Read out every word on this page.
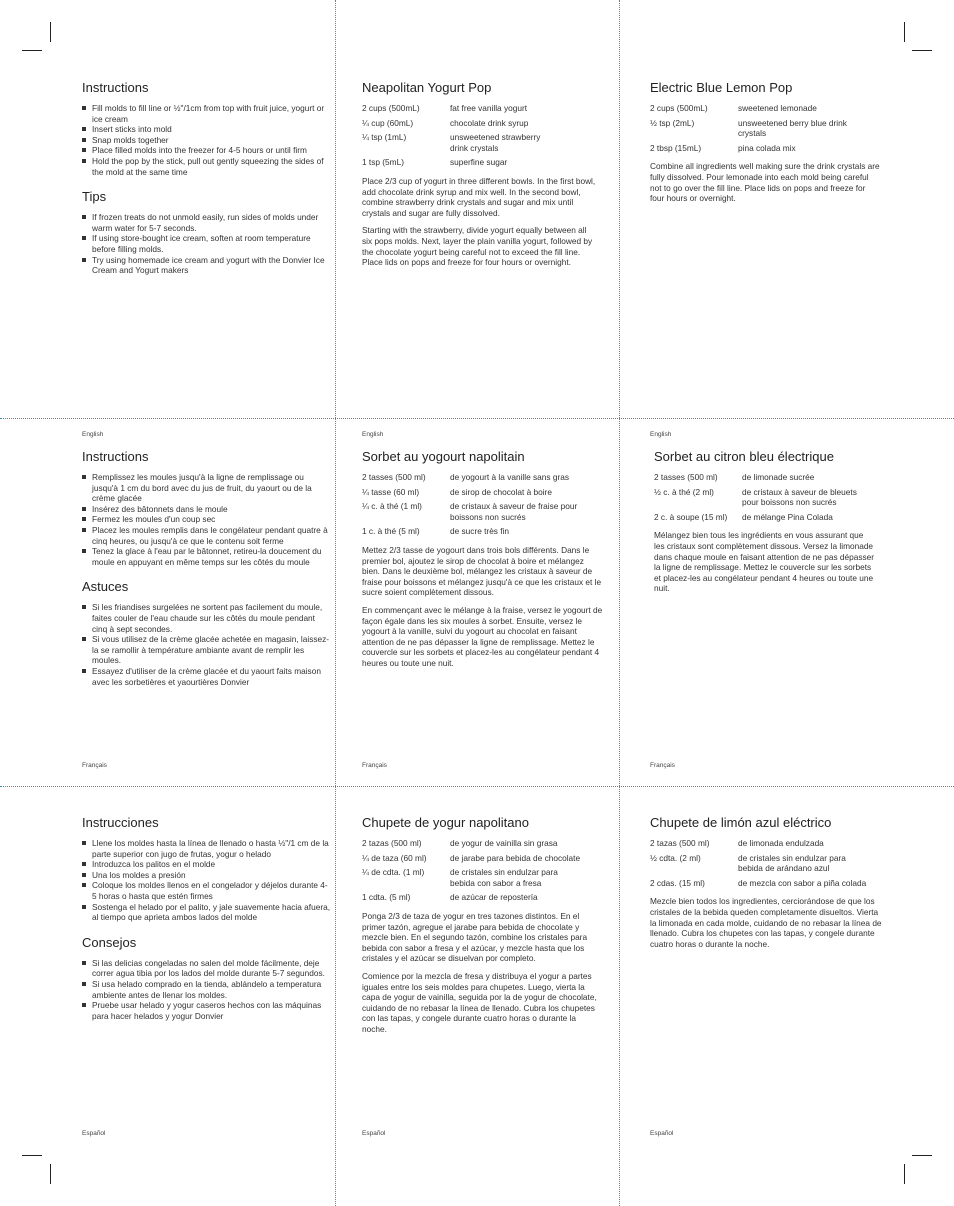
Instructions
Fill molds to fill line or ½"/1cm from top with fruit juice, yogurt or ice cream
Insert sticks into mold
Snap molds together
Place filled molds into the freezer for 4-5 hours or until firm
Hold the pop by the stick, pull out gently squeezing the sides of the mold at the same time
Tips
If frozen treats do not unmold easily, run sides of molds under warm water for 5-7 seconds.
If using store-bought ice cream, soften at room temperature before filling molds.
Try using homemade ice cream and yogurt with the Donvier Ice Cream and Yogurt makers
English
Neapolitan Yogurt Pop
2 cups (500mL)	fat free vanilla yogurt
¼ cup (60mL)	chocolate drink syrup
¼ tsp (1mL)	unsweetened strawberry drink crystals
1 tsp (5mL)	superfine sugar

Place 2/3 cup of yogurt in three different bowls. In the first bowl, add chocolate drink syrup and mix well. In the second bowl, combine strawberry drink crystals and sugar and mix until crystals and sugar are fully dissolved.

Starting with the strawberry, divide yogurt equally between all six pops molds. Next, layer the plain vanilla yogurt, followed by the chocolate yogurt being careful not to exceed the fill line. Place lids on pops and freeze for four hours or overnight.

English
Electric Blue Lemon Pop
2 cups (500mL)	sweetened lemonade
½ tsp (2mL)	unsweetened berry blue drink crystals
2 tbsp (15mL)	pina colada mix

Combine all ingredients well making sure the drink crystals are fully dissolved. Pour lemonade into each mold being careful not to go over the fill line. Place lids on pops and freeze for four hours or overnight.

English
Instructions
Remplissez les moules jusqu'à la ligne de remplissage ou jusqu'à 1 cm du bord avec du jus de fruit, du yaourt ou de la crème glacée
Insérez des bâtonnets dans le moule
Fermez les moules d'un coup sec
Placez les moules remplis dans le congélateur pendant quatre à cinq heures, ou jusqu'à ce que le contenu soit ferme
Tenez la glace à l'eau par le bâtonnet, retireu-la doucement du moule en appuyant en même temps sur les côtés du moule
Astuces
Si les friandises surgelées ne sortent pas facilement du moule, faites couler de l'eau chaude sur les côtés du moule pendant cinq à sept secondes.
Si vous utilisez de la crème glacée achetée en magasin, laissez-la se ramollir à température ambiante avant de remplir les moules.
Essayez d'utiliser de la crème glacée et du yaourt faits maison avec les sorbetières et yaourtières Donvier
Français
Sorbet au yogourt napolitain
2 tasses (500 ml)	de yogourt à la vanille sans gras
¼ tasse (60 ml)	de sirop de chocolat à boire
¼ c. à thé (1 ml)	de cristaux à saveur de fraise pour boissons non sucrés
1 c. à thé (5 ml)	de sucre très fin

Mettez 2/3 tasse de yogourt dans trois bols différents. Dans le premier bol, ajoutez le sirop de chocolat à boire et mélangez bien. Dans le deuxième bol, mélangez les cristaux à saveur de fraise pour boissons et mélangez jusqu'à ce que les cristaux et le sucre soient complètement dissous.

En commençant avec le mélange à la fraise, versez le yogourt de façon égale dans les six moules à sorbet. Ensuite, versez le yogourt à la vanille, suivi du yogourt au chocolat en faisant attention de ne pas dépasser la ligne de remplissage. Mettez le couvercle sur les sorbets et placez-les au congélateur pendant 4 heures ou toute une nuit.

Français
Sorbet au citron bleu électrique
2 tasses (500 ml)	de limonade sucrée
½ c. à thé (2 ml)	de cristaux à saveur de bleuets pour boissons non sucrés
2 c. à soupe (15 ml)	de mélange Pina Colada

Mélangez bien tous les ingrédients en vous assurant que les cristaux sont complètement dissous. Versez la limonade dans chaque moule en faisant attention de ne pas dépasser la ligne de remplissage. Mettez le couvercle sur les sorbets et placez-les au congélateur pendant 4 heures ou toute une nuit.

Français
Instrucciones
Llene los moldes hasta la línea de llenado o hasta ½"/1 cm de la parte superior con jugo de frutas, yogur o helado
Introduzca los palitos en el molde
Una los moldes a presión
Coloque los moldes llenos en el congelador y déjelos durante 4-5 horas o hasta que estén firmes
Sostenga el helado por el palito, y jale suavemente hacia afuera, al tiempo que aprieta ambos lados del molde
Consejos
Si las delicias congeladas no salen del molde fácilmente, deje correr agua tibia por los lados del molde durante 5-7 segundos.
Si usa helado comprado en la tienda, ablándelo a temperatura ambiente antes de llenar los moldes.
Pruebe usar helado y yogur caseros hechos con las máquinas para hacer helados y yogur Donvier
Español
Chupete de yogur napolitano
2 tazas (500 ml)	de yogur de vainilla sin grasa
¼ de taza (60 ml)	de jarabe para bebida de chocolate
¼ de cdta. (1 ml)	de cristales sin endulzar para bebida con sabor a fresa
1 cdta. (5 ml)	de azúcar de repostería

Ponga 2/3 de taza de yogur en tres tazones distintos. En el primer tazón, agregue el jarabe para bebida de chocolate y mezcle bien. En el segundo tazón, combine los cristales para bebida con sabor a fresa y el azúcar, y mezcle hasta que los cristales y el azúcar se disuelvan por completo.

Comience por la mezcla de fresa y distribuya el yogur a partes iguales entre los seis moldes para chupetes. Luego, vierta la capa de yogur de vainilla, seguida por la de yogur de chocolate, cuidando de no rebasar la línea de llenado. Cubra los chupetes con las tapas, y congele durante cuatro horas o durante la noche.

Español
Chupete de limón azul eléctrico
2 tazas (500 ml)	de limonada endulzada
½ cdta. (2 ml)	de cristales sin endulzar para bebida de arándano azul
2 cdas. (15 ml)	de mezcla con sabor a piña colada

Mezcle bien todos los ingredientes, cerciorándose de que los cristales de la bebida queden completamente disueltos. Vierta la limonada en cada molde, cuidando de no rebasar la línea de llenado. Cubra los chupetes con las tapas, y congele durante cuatro horas o durante la noche.

Español
